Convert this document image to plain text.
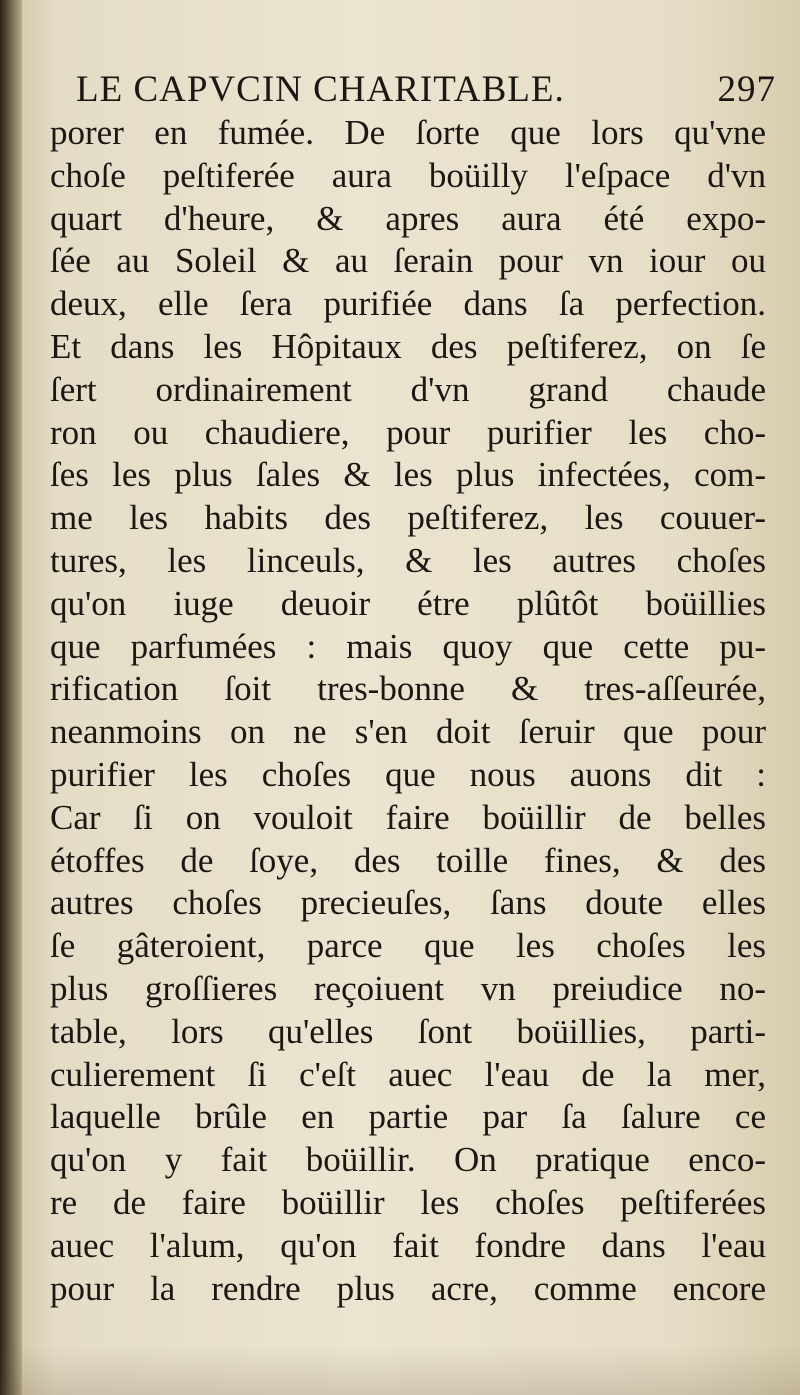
LE CAPVCIN CHARITABLE.	297
porer en fumée. De ſorte que lors qu'vne
choſe peſtiferée aura boüilly l'eſpace d'vn
quart d'heure, & apres aura été expo-
ſée au Soleil & au ſerain pour vn iour ou
deux, elle ſera purifiée dans ſa perfection.
Et dans les Hôpitaux des peſtiferez, on ſe
ſert ordinairement d'vn grand chaude
ron ou chaudiere, pour purifier les cho-
ſes les plus ſales & les plus infectées, com-
me les habits des peſtiferez, les couuer-
tures, les linceuls, & les autres choſes
qu'on iuge deuoir étre plûtôt boüillies
que parfumées : mais quoy que cette pu-
rification ſoit tres-bonne & tres-aſſeurée,
neanmoins on ne s'en doit ſeruir que pour
purifier les choſes que nous auons dit :
Car ſi on vouloit faire boüillir de belles
étoffes de ſoye, des toille fines, & des
autres choſes precieuſes, ſans doute elles
ſe gâteroient, parce que les choſes les
plus groſſieres reçoiuent vn preiudice no-
table, lors qu'elles ſont boüillies, parti-
culierement ſi c'eſt auec l'eau de la mer,
laquelle brûle en partie par ſa ſalure ce
qu'on y fait boüillir. On pratique enco-
re de faire boüillir les choſes peſtiferées
auec l'alum, qu'on fait fondre dans l'eau
pour la rendre plus acre, comme encore
